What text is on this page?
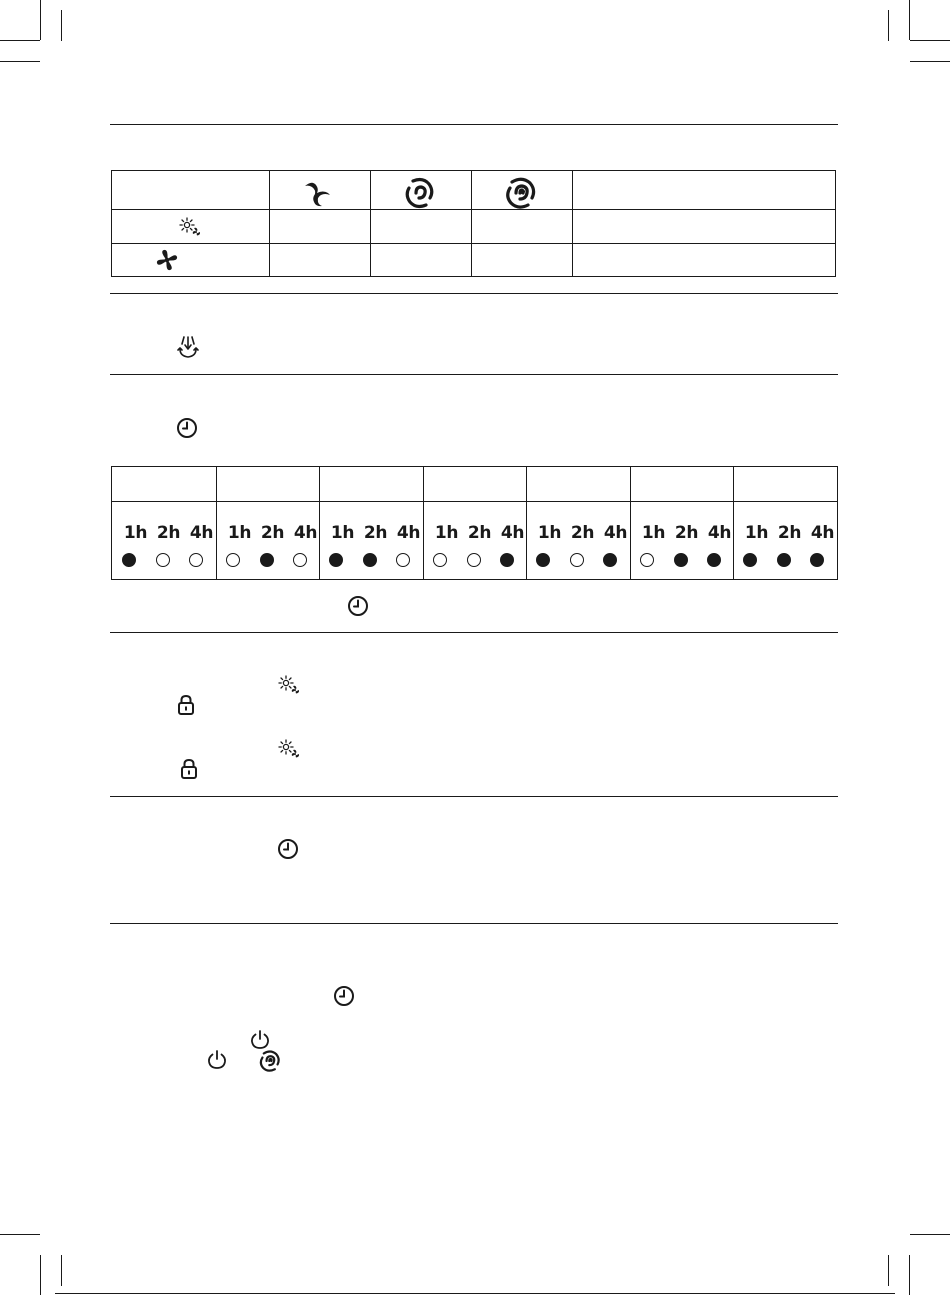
1h 2h 4h 1h 2h 4h 1h 2h 4h 1h 2h 4h 1h 2h 4h 1h 2h 4h 1h 2h 4h
